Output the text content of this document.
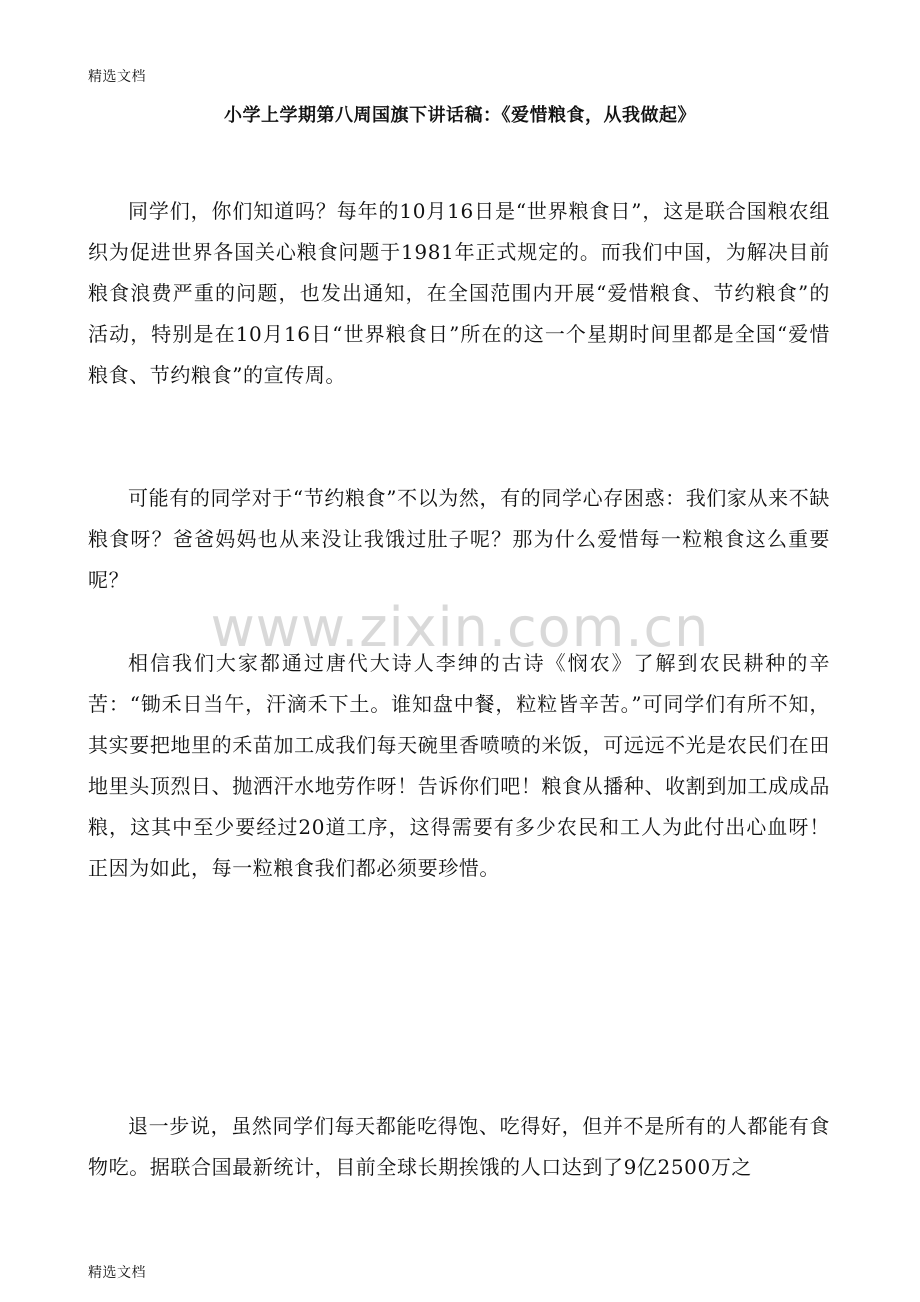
精选文档
小学上学期第八周国旗下讲话稿：《爱惜粮食，从我做起》

同学们，你们知道吗？每年的10月16日是“世界粮食日”，这是联合国粮农组织为促进世界各国关心粮食问题于1981年正式规定的。而我们中国，为解决目前粮食浪费严重的问题，也发出通知，在全国范围内开展“爱惜粮食、节约粮食”的活动，特别是在10月16日“世界粮食日”所在的这一个星期时间里都是全国“爱惜粮食、节约粮食”的宣传周。

可能有的同学对于“节约粮食”不以为然，有的同学心存困惑：我们家从来不缺粮食呀？爸爸妈妈也从来没让我饿过肚子呢？那为什么爱惜每一粒粮食这么重要呢？

相信我们大家都通过唐代大诗人李绅的古诗《悯农》了解到农民耕种的辛苦：“锄禾日当午，汗滴禾下土。谁知盘中餐，粒粒皆辛苦。”可同学们有所不知，其实要把地里的禾苗加工成我们每天碗里香喷喷的米饭，可远远不光是农民们在田地里头顶烈日、抛洒汗水地劳作呀！告诉你们吧！粮食从播种、收割到加工成成品粮，这其中至少要经过20道工序，这得需要有多少农民和工人为此付出心血呀！正因为如此，每一粒粮食我们都必须要珍惜。

退一步说，虽然同学们每天都能吃得饱、吃得好，但并不是所有的人都能有食物吃。据联合国最新统计，目前全球长期挨饿的人口达到了9亿2500万之

www.zixin.com.cn
精选文档
